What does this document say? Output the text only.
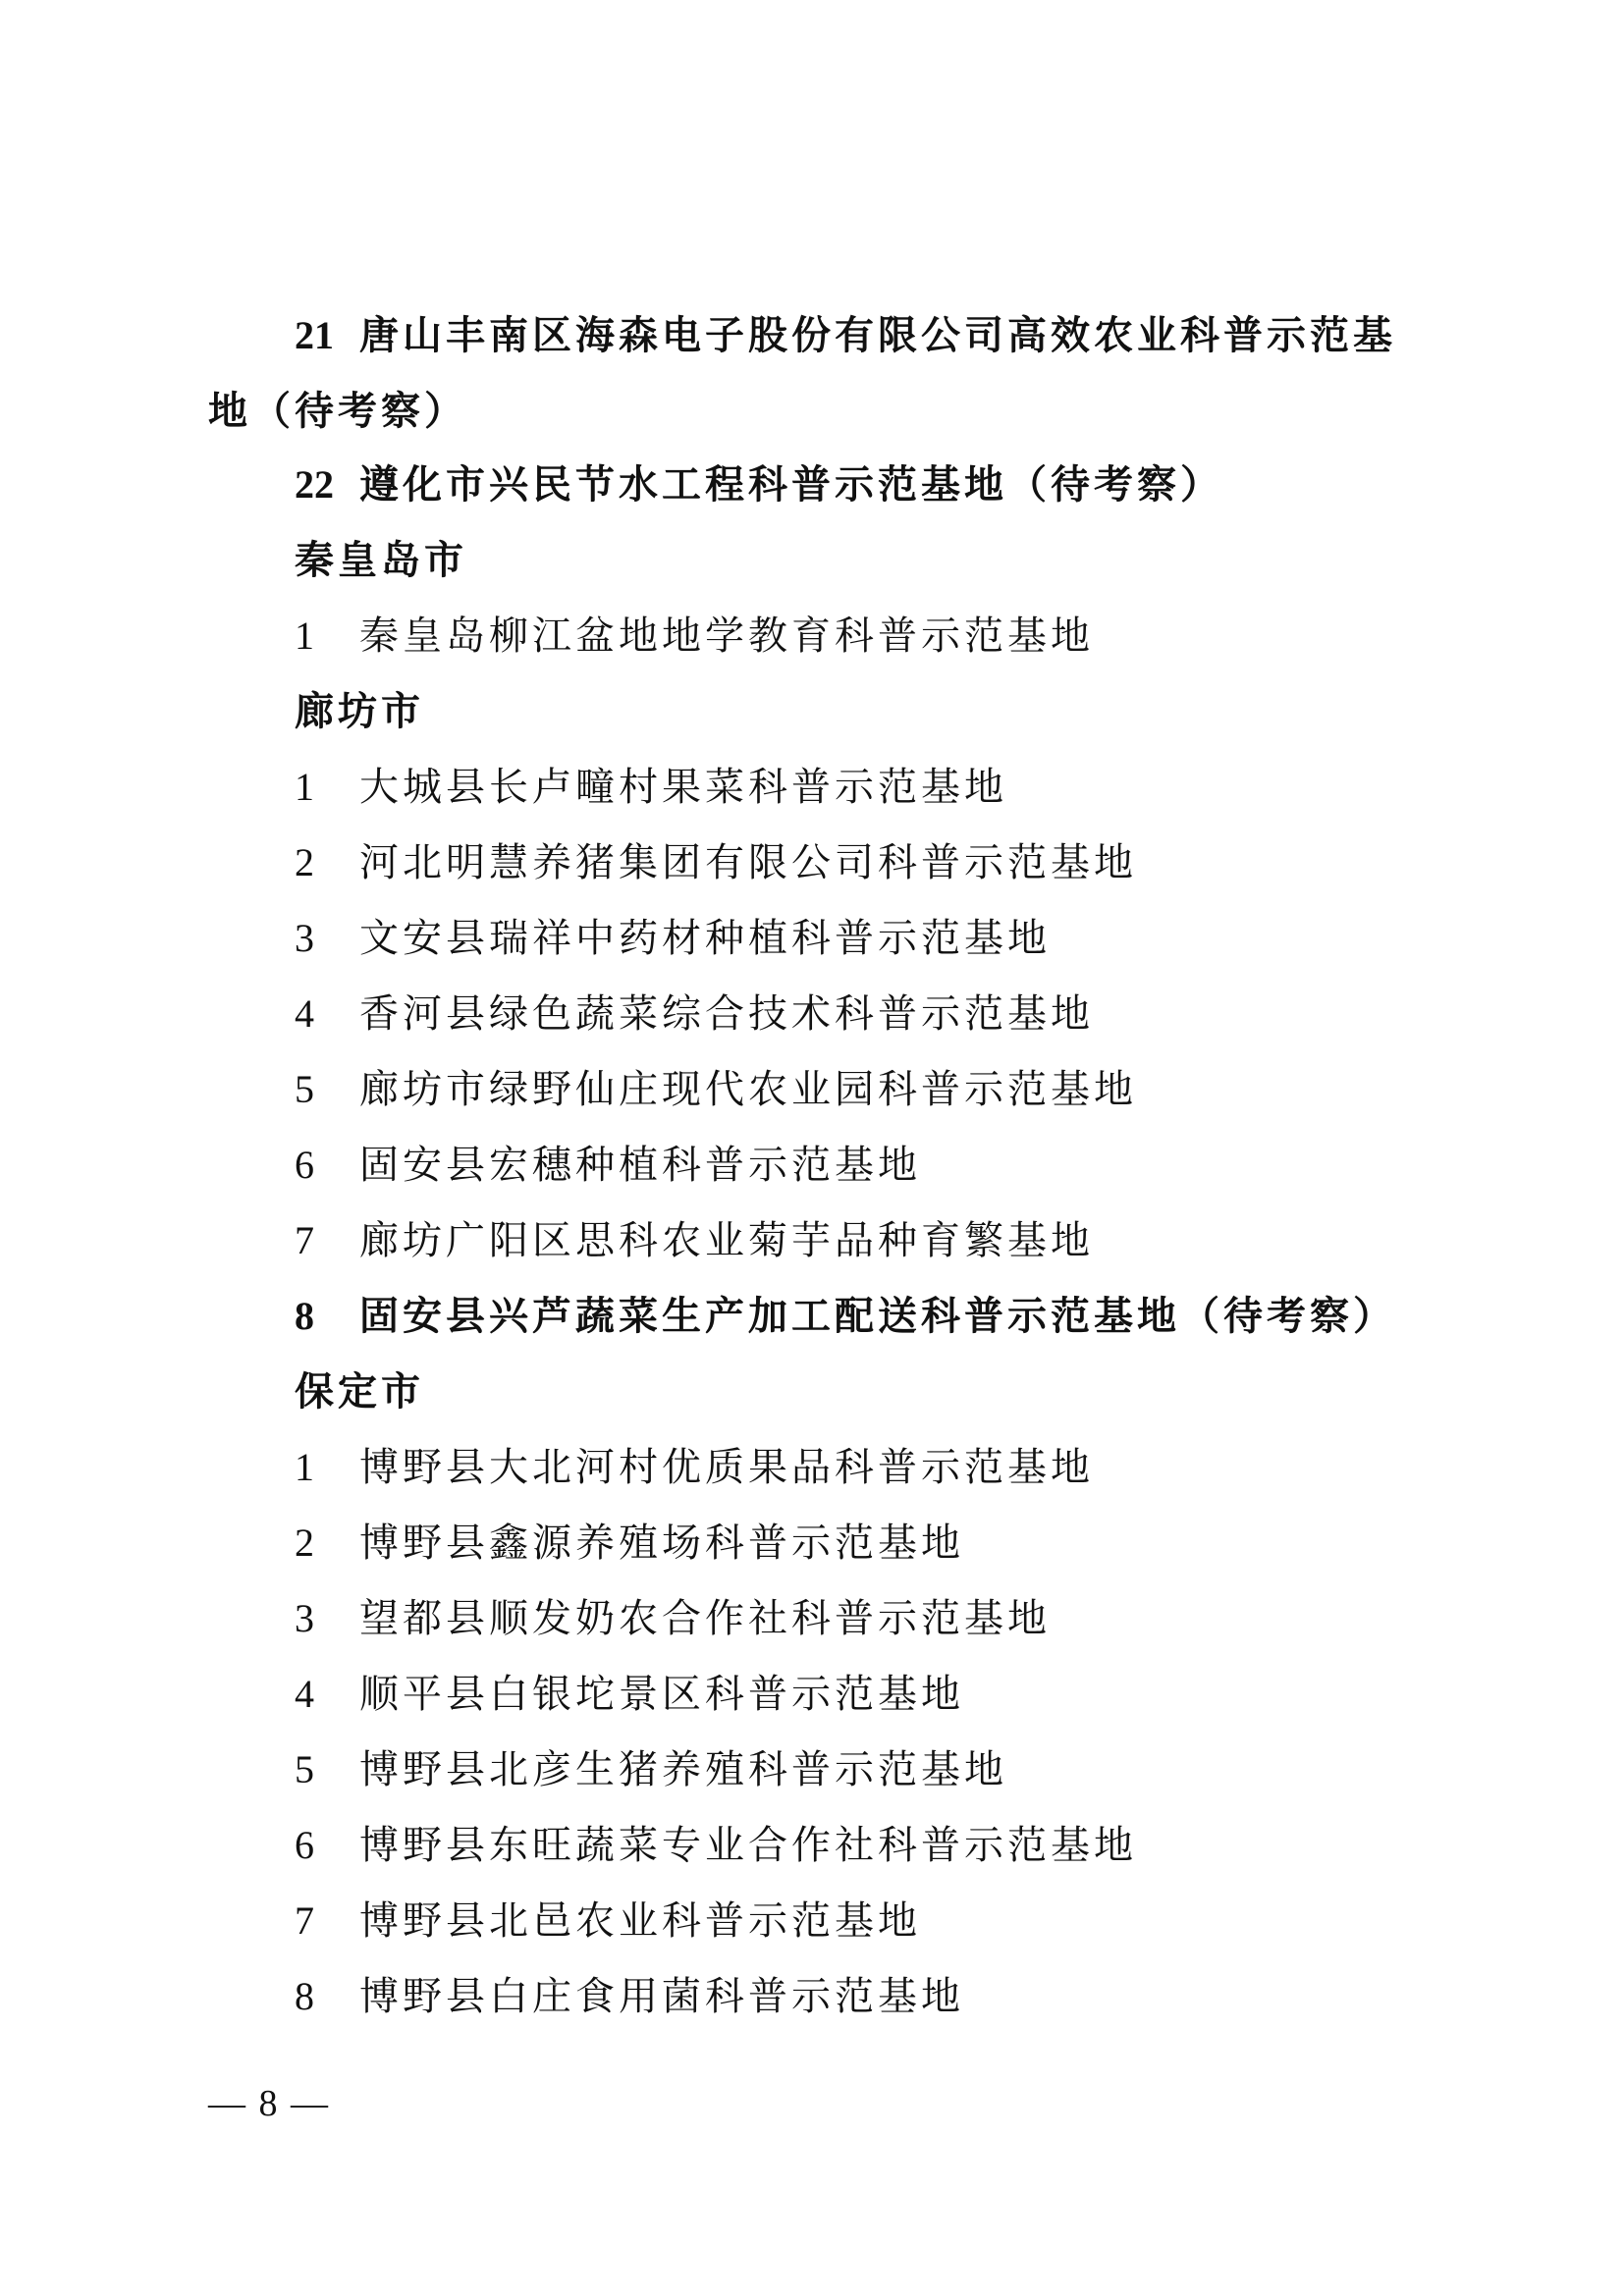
21 唐山丰南区海森电子股份有限公司高效农业科普示范基
地（待考察）
22 遵化市兴民节水工程科普示范基地（待考察）
秦皇岛市
1 秦皇岛柳江盆地地学教育科普示范基地
廊坊市
1 大城县长卢疃村果菜科普示范基地
2 河北明慧养猪集团有限公司科普示范基地
3 文安县瑞祥中药材种植科普示范基地
4 香河县绿色蔬菜综合技术科普示范基地
5 廊坊市绿野仙庄现代农业园科普示范基地
6 固安县宏穗种植科普示范基地
7 廊坊广阳区思科农业菊芋品种育繁基地
8 固安县兴芦蔬菜生产加工配送科普示范基地（待考察）
保定市
1 博野县大北河村优质果品科普示范基地
2 博野县鑫源养殖场科普示范基地
3 望都县顺发奶农合作社科普示范基地
4 顺平县白银坨景区科普示范基地
5 博野县北彦生猪养殖科普示范基地
6 博野县东旺蔬菜专业合作社科普示范基地
7 博野县北邑农业科普示范基地
8 博野县白庄食用菌科普示范基地
— 8 —
